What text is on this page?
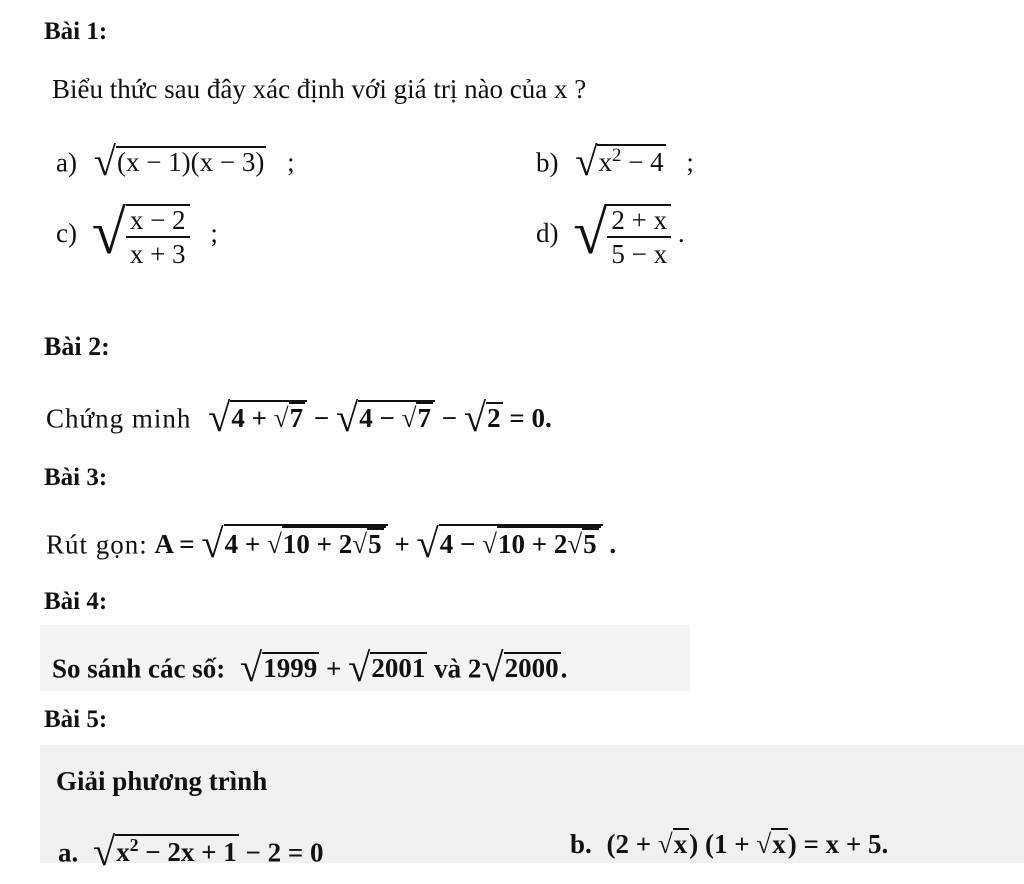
Bài 1:
Biểu thức sau đây xác định với giá trị nào của x ?
a) √(x − 1)(x − 3) ;	b) $√x^2 - 4$ ;
c) √ $\frac{x - 2}{x + 3}$ ;	d) √ $\frac{2 + x}{5 - x}$ .
Bài 2:
Chứng minh √4 + √7 − √4 − √7 − √2 = 0.
Bài 3:
Rút gọn: A = √4 + √10 + 2√5 + √4 − √10 + 2√5 .
Bài 4:
So sánh các số: √1999 + √2001 và 2√2000.
Bài 5:
Giải phương trình
a. $√x^2 - 2x + 1 - 2 = 0$	b. (2 + √x) (1 + √x) = x + 5.
